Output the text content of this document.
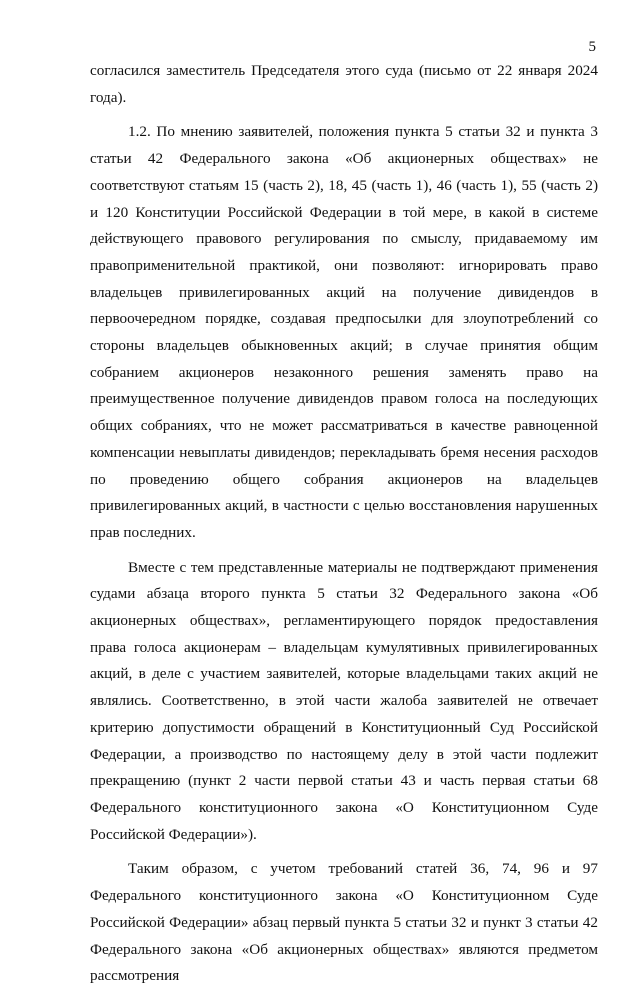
5

согласился заместитель Председателя этого суда (письмо от 22 января 2024 года).

1.2. По мнению заявителей, положения пункта 5 статьи 32 и пункта 3 статьи 42 Федерального закона «Об акционерных обществах» не соответствуют статьям 15 (часть 2), 18, 45 (часть 1), 46 (часть 1), 55 (часть 2) и 120 Конституции Российской Федерации в той мере, в какой в системе действующего правового регулирования по смыслу, придаваемому им правоприменительной практикой, они позволяют: игнорировать право владельцев привилегированных акций на получение дивидендов в первоочередном порядке, создавая предпосылки для злоупотреблений со стороны владельцев обыкновенных акций; в случае принятия общим собранием акционеров незаконного решения заменять право на преимущественное получение дивидендов правом голоса на последующих общих собраниях, что не может рассматриваться в качестве равноценной компенсации невыплаты дивидендов; перекладывать бремя несения расходов по проведению общего собрания акционеров на владельцев привилегированных акций, в частности с целью восстановления нарушенных прав последних.

Вместе с тем представленные материалы не подтверждают применения судами абзаца второго пункта 5 статьи 32 Федерального закона «Об акционерных обществах», регламентирующего порядок предоставления права голоса акционерам – владельцам кумулятивных привилегированных акций, в деле с участием заявителей, которые владельцами таких акций не являлись. Соответственно, в этой части жалоба заявителей не отвечает критерию допустимости обращений в Конституционный Суд Российской Федерации, а производство по настоящему делу в этой части подлежит прекращению (пункт 2 части первой статьи 43 и часть первая статьи 68 Федерального конституционного закона «О Конституционном Суде Российской Федерации»).

Таким образом, с учетом требований статей 36, 74, 96 и 97 Федерального конституционного закона «О Конституционном Суде Российской Федерации» абзац первый пункта 5 статьи 32 и пункт 3 статьи 42 Федерального закона «Об акционерных обществах» являются предметом рассмотрения
